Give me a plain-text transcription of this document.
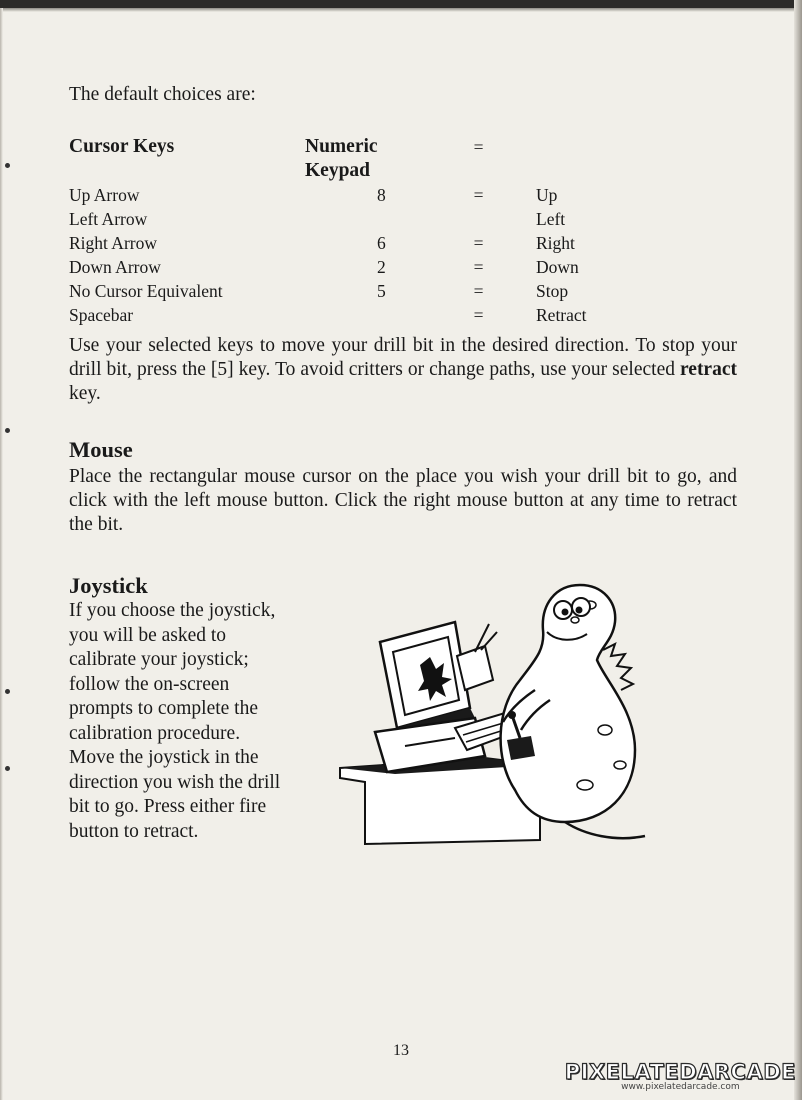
The default choices are:
Cursor Keys	Numeric Keypad	=	
Up Arrow	8	=	Up
Left Arrow			Left
Right Arrow	6	=	Right
Down Arrow	2	=	Down
No Cursor Equivalent	5	=	Stop
Spacebar		=	Retract
Use your selected keys to move your drill bit in the desired direction. To stop your drill bit, press the [5] key. To avoid critters or change paths, use your selected retract key.
Mouse
Place the rectangular mouse cursor on the place you wish your drill bit to go, and click with the left mouse button. Click the right mouse button at any time to retract the bit.
Joystick
If you choose the joystick,
you will be asked to
calibrate your joystick;
follow the on-screen
prompts to complete the
calibration procedure.
Move the joystick in the
direction you wish the drill
bit to go. Press either fire
button to retract.
13
PIXELATEDARCADE
www.pixelatedarcade.com
